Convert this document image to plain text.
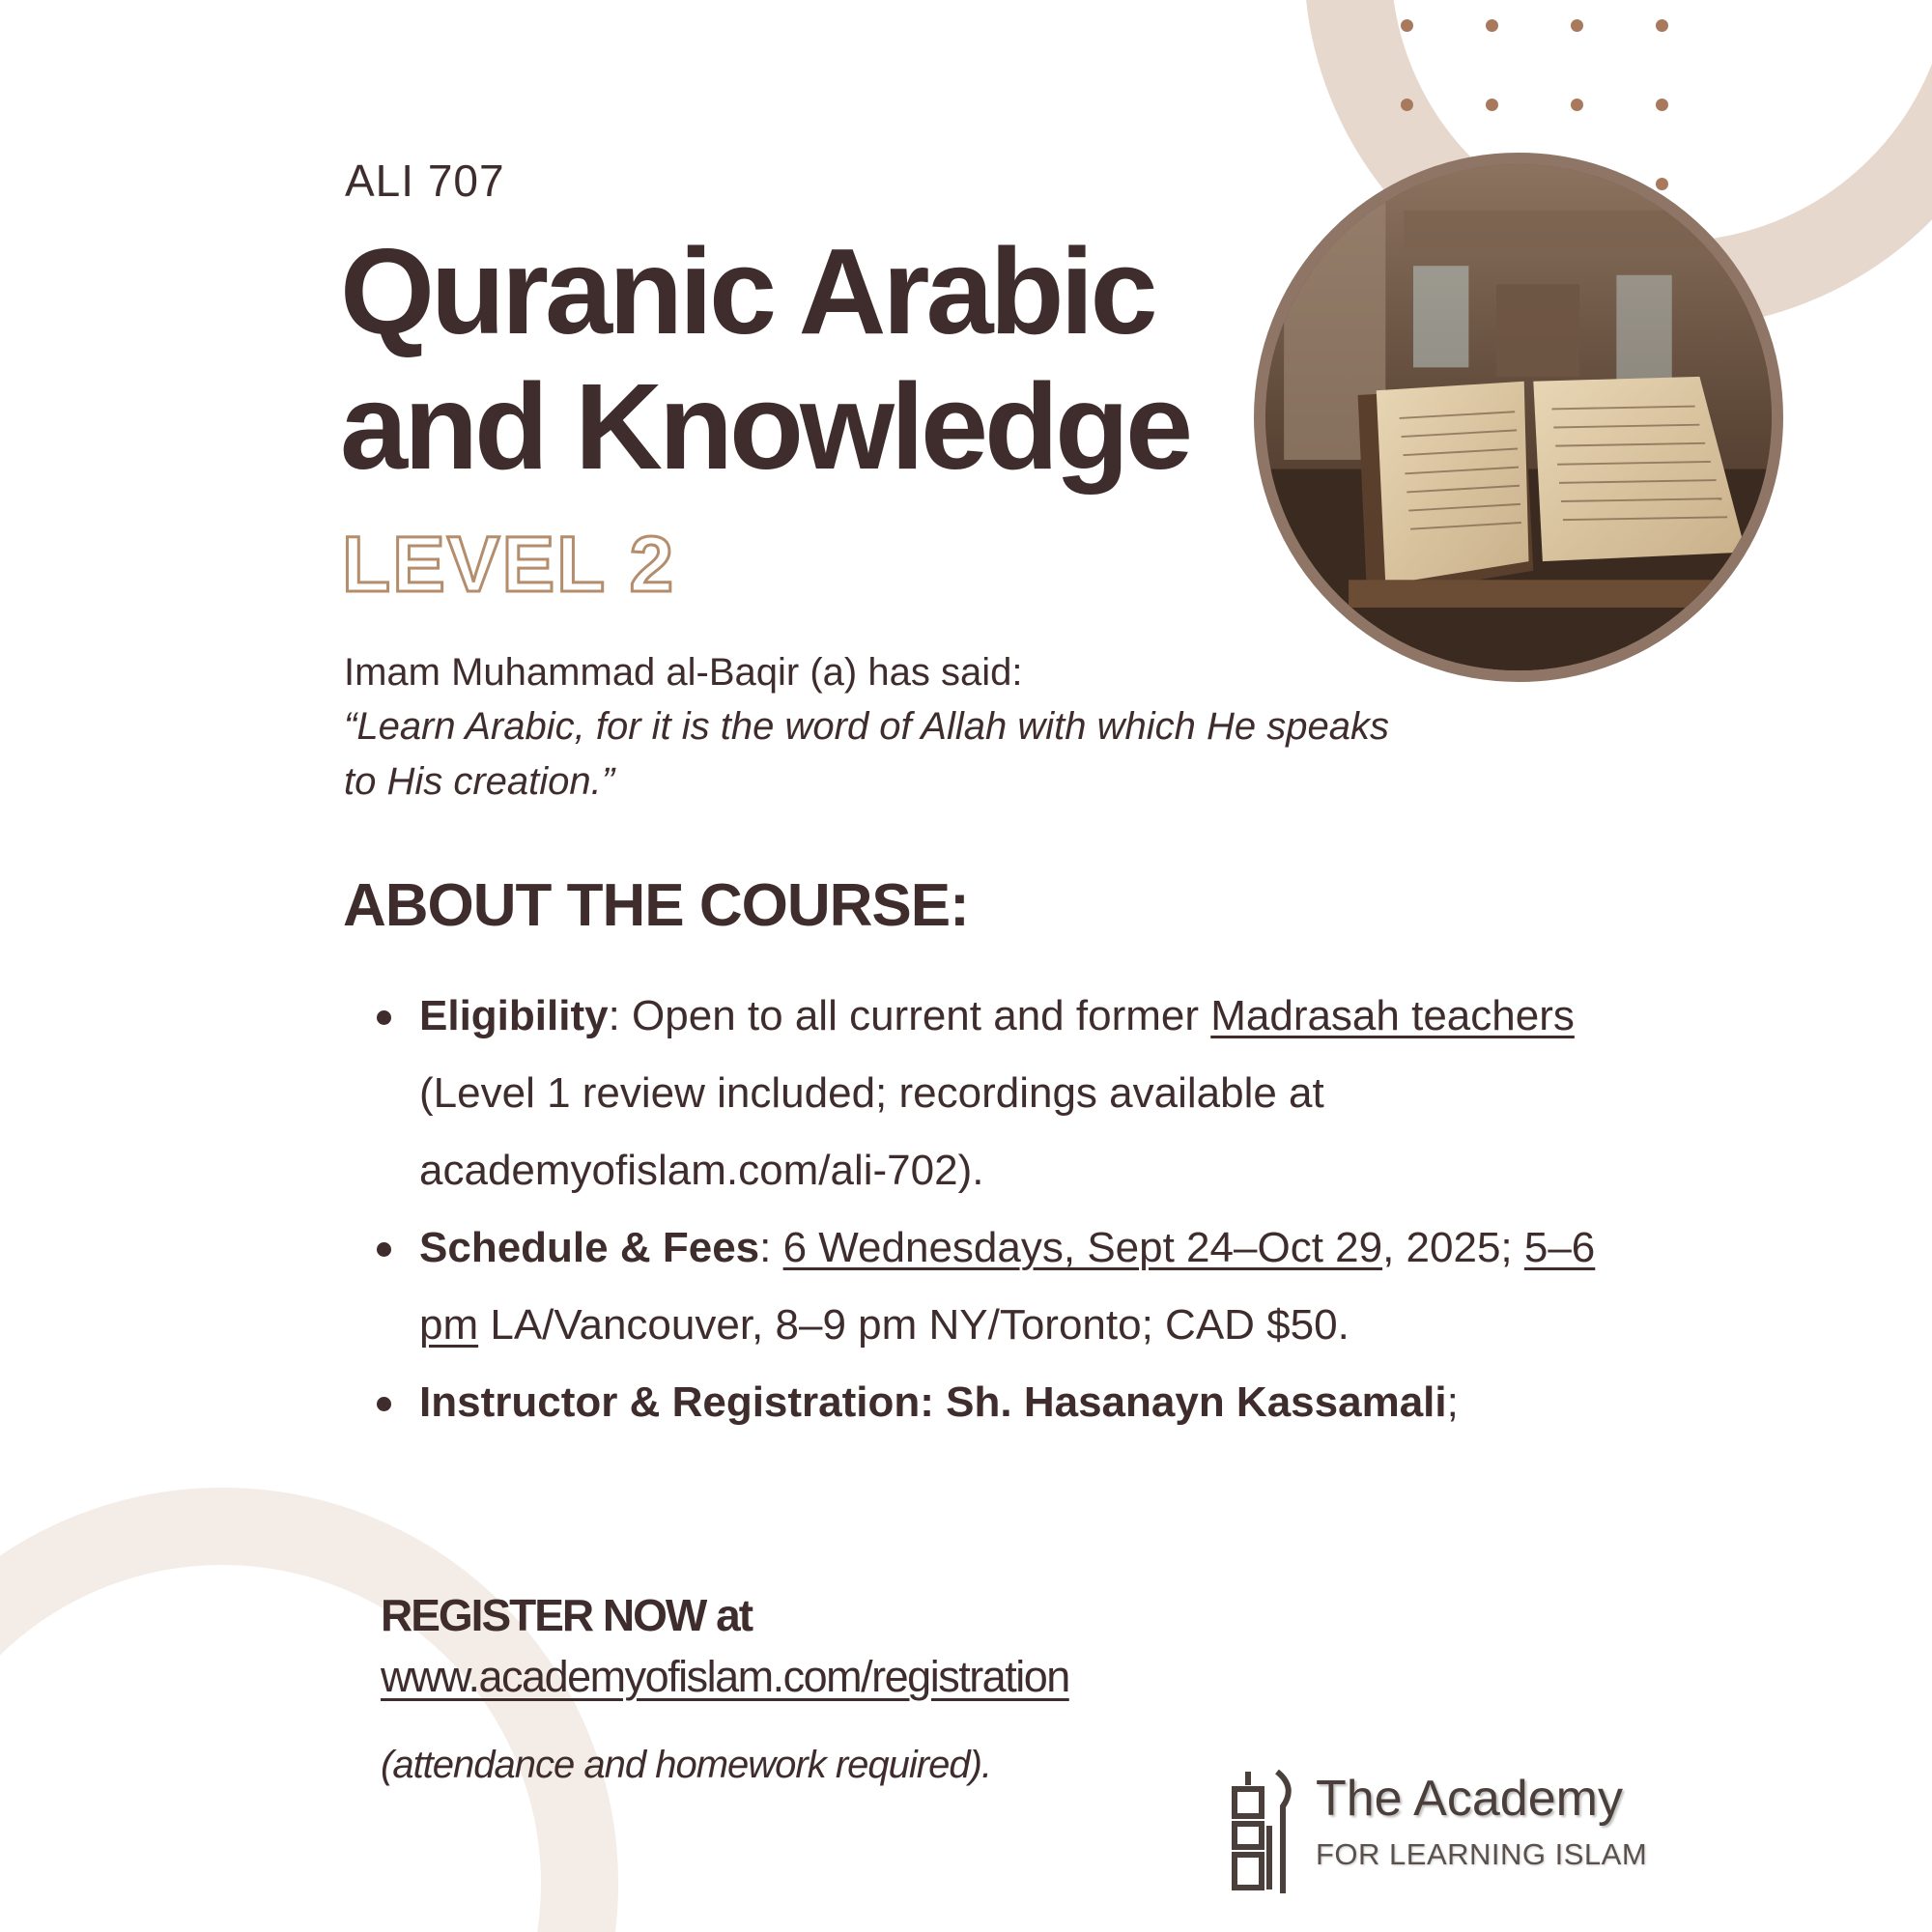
ALI 707
Quranic Arabic
and Knowledge
LEVEL 2
Imam Muhammad al-Baqir (a) has said:
“Learn Arabic, for it is the word of Allah with which He speaks
to His creation.”
ABOUT THE COURSE:
Eligibility: Open to all current and former Madrasah teachers (Level 1 review included; recordings available at academyofislam.com/ali-702).
Schedule & Fees: 6 Wednesdays, Sept 24–Oct 29, 2025; 5–6 pm LA/Vancouver, 8–9 pm NY/Toronto; CAD $50.
Instructor & Registration: Sh. Hasanayn Kassamali;
REGISTER NOW at
www.academyofislam.com/registration
(attendance and homework required).
The Academy
FOR LEARNING ISLAM
